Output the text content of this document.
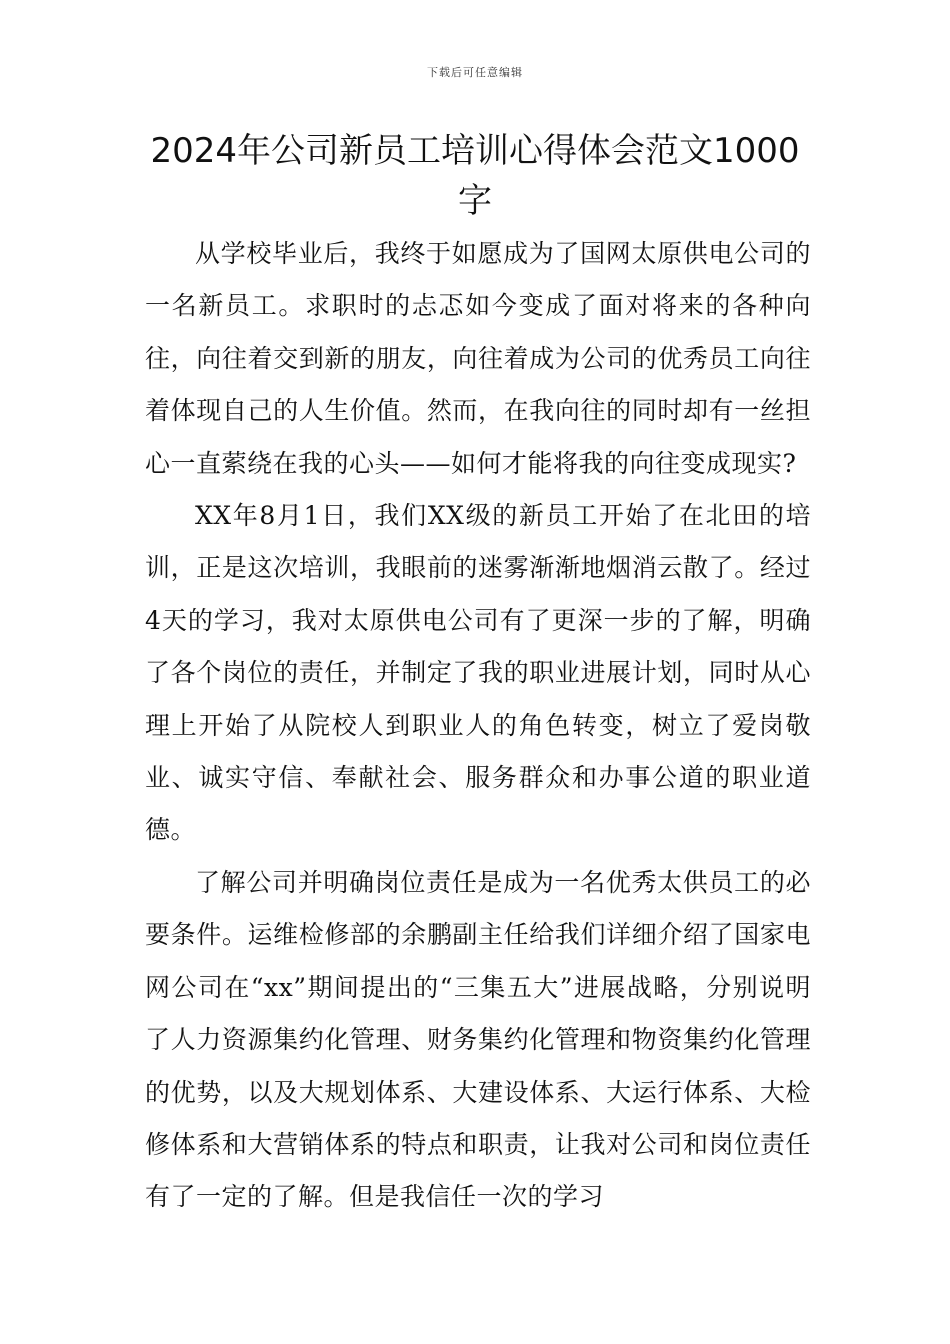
下载后可任意编辑
2024年公司新员工培训心得体会范文1000字

从学校毕业后，我终于如愿成为了国网太原供电公司的一名新员工。求职时的忐忑如今变成了面对将来的各种向往，向往着交到新的朋友，向往着成为公司的优秀员工向往着体现自己的人生价值。然而，在我向往的同时却有一丝担心一直萦绕在我的心头——如何才能将我的向往变成现实?

XX年8月1日，我们XX级的新员工开始了在北田的培训，正是这次培训，我眼前的迷雾渐渐地烟消云散了。经过4天的学习，我对太原供电公司有了更深一步的了解，明确了各个岗位的责任，并制定了我的职业进展计划，同时从心理上开始了从院校人到职业人的角色转变，树立了爱岗敬业、诚实守信、奉献社会、服务群众和办事公道的职业道德。

了解公司并明确岗位责任是成为一名优秀太供员工的必要条件。运维检修部的余鹏副主任给我们详细介绍了国家电网公司在“xx”期间提出的“三集五大”进展战略，分别说明了人力资源集约化管理、财务集约化管理和物资集约化管理的优势，以及大规划体系、大建设体系、大运行体系、大检修体系和大营销体系的特点和职责，让我对公司和岗位责任有了一定的了解。但是我信任一次的学习
